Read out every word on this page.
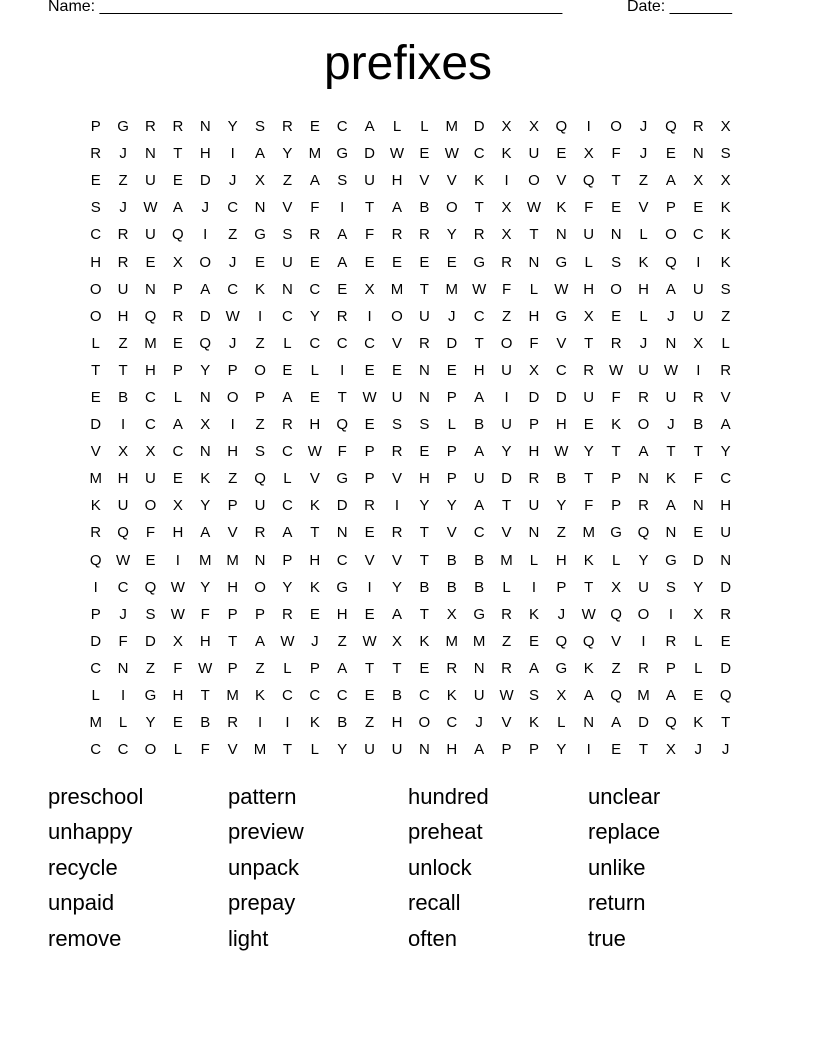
Name: ____________________________________________________	Date: _______
prefixes
P	G	R	R	N	Y	S	R	E	C	A	L	L	M	D	X	X	Q	I	O	J	Q	R	X
R	J	N	T	H	I	A	Y	M	G	D W	E	W C	K	U	E	X	F	J	E	N	S
E	Z	U	E	D	J	X	Z	A	S	U	H	V	V	K	I	O	V	Q	T	Z	A	X	X
S	J	W	A	J	C	N	V	F	I	T	A	B	O	T	X	W	K	F	E	V	P	E	K
C	R	U	Q	I	Z	G	S	R	A	F	R	R	Y	R	X	T	N	U	N	L	O	C	K
H	R	E	X	O	J	E	U	E	A	E	E	E	E	G	R	N	G	L	S	K	Q	I	K
O	U	N	P	A	C	K	N	C	E	X	M	T	M W	F	L	W H	O	H	A	U	S
O	H	Q	R	D W	I	C	Y	R	I	O	U	J	C	Z	H	G	X	E	L	J	U	Z
L	Z	M	E	Q	J	Z	L	C	C	C	V	R	D	T	O	F	V	T	R	J	N	X	L
T	T	H	P	Y	P	O	E	L	I	E	E	N	E	H	U	X	C	R W U W	I	R
E	B	C	L	N	O	P	A	E	T	W U	N	P	A	I	D	D	U	F	R	U	R	V
D	I	C	A	X	I	Z	R	H	Q	E	S	S	L	B	U	P	H	E	K	O	J	B	A
V	X	X	C	N	H	S	C W	F	P	R	E	P	A	Y	H W	Y	T	A	T	T	Y
M	H	U	E	K	Z	Q	L	V	G	P	V	H	P	U	D	R	B	T	P	N	K	F	C
K	U	O	X	Y	P	U	C	K	D	R	I	Y	Y	A	T	U	Y	F	P	R	A	N	H
R	Q	F	H	A	V	R	A	T	N	E	R	T	V	C	V	N	Z	M	G	Q	N	E	U
Q W	E	I	M M	N	P	H	C	V	V	T	B	B	M	L	H	K	L	Y	G	D	N
I	C	Q W	Y	H	O	Y	K	G	I	Y	B	B	B	L	I	P	T	X	U	S	Y	D
P	J	S	W	F	P	P	R	E	H	E	A	T	X	G	R	K	J	W Q	O	I	X	R
D	F	D	X	H	T	A	W	J	Z	W	X	K	M M	Z	E	Q	Q	V	I	R	L	E
C	N	Z	F	W	P	Z	L	P	A	T	T	E	R	N	R	A	G	K	Z	R	P	L	D
L	I	G	H	T	M	K	C	C	C	E	B	C	K	U W	S	X	A	Q	M	A	E	Q
M	L	Y	E	B	R	I	I	K	B	Z	H	O	C	J	V	K	L	N	A	D	Q	K	T
C	C	O	L	F	V	M	T	L	Y	U	U	N	H	A	P	P	Y	I	E	T	X	J	J
preschool	pattern	hundred	unclear
unhappy	preview	preheat	replace
recycle	unpack	unlock	unlike
unpaid	prepay	recall	return
remove	light	often	true
